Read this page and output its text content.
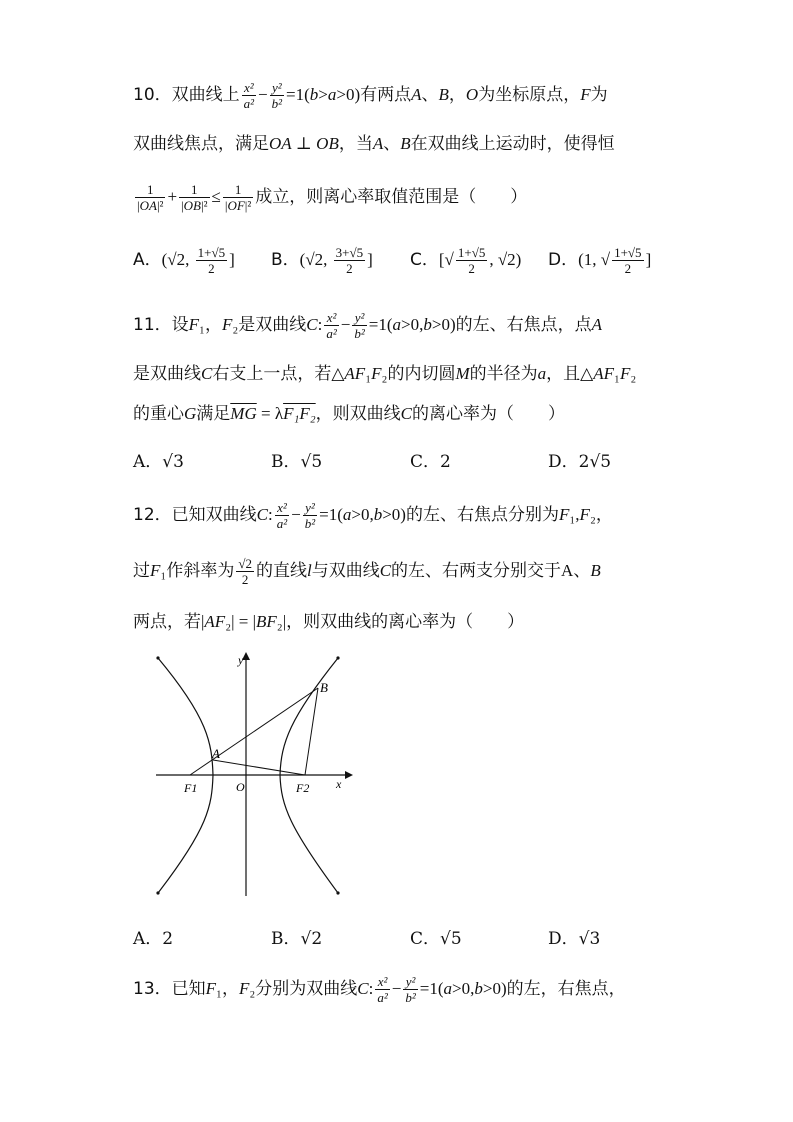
10．双曲线上 $\frac{\text{x²}}{\text{a²}} - \frac{\text{y²}}{\text{b²}} =1(b>a>0)$有两点A、B，O为坐标原点，F为
双曲线焦点，满足OA ⊥ OB，当A、B在双曲线上运动时，使得恒
$\frac{1}{\text{|OA|²}} + \frac{1}{\text{|OB|²}} \le \frac{1}{\text{|OF|²}}$ 成立，则离心率取值范围是（　　）
A．(√2, $\frac{1+√5}{2}$ ] B．(√2, $\frac{3+√5}{2}$ ] C．[√ $\frac{1+√5}{2}$ , √2) D．(1, √ $\frac{1+√5}{2}$ ]
11．设F₁，F₂是双曲线C: $\frac{\text{x²}}{\text{a²}} - \frac{\text{y²}}{\text{b²}} =1(a>0,b>0)$的左、右焦点，点A
是双曲线C右支上一点，若△AF₁F₂的内切圆M的半径为a，且△AF₁F₂
的重心G满足$\overline{MG} = \lambda F_1F_2$，则双曲线C的离心率为（　　）
A．√3	B．√5	C．2	D．2√5
12．已知双曲线C: $\frac{\text{x²}}{\text{a²}} - \frac{\text{y²}}{\text{b²}} =1(a>0,b>0)$的左、右焦点分别为F₁,F₂，
过F₁作斜率为 $\frac{√2}{2}$ 的直线l与双曲线C的左、右两支分别交于A、B
两点，若|AF₂| = |BF₂|，则双曲线的离心率为（　　）
y
B
A
F1	O	F2 x
A．2	B．√2	C．√5	D．√3
13．已知F₁，F₂分别为双曲线C: $\frac{\text{x²}}{\text{a²}} - \frac{\text{y²}}{\text{b²}} =1(a>0,b>0)$的左，右焦点，
